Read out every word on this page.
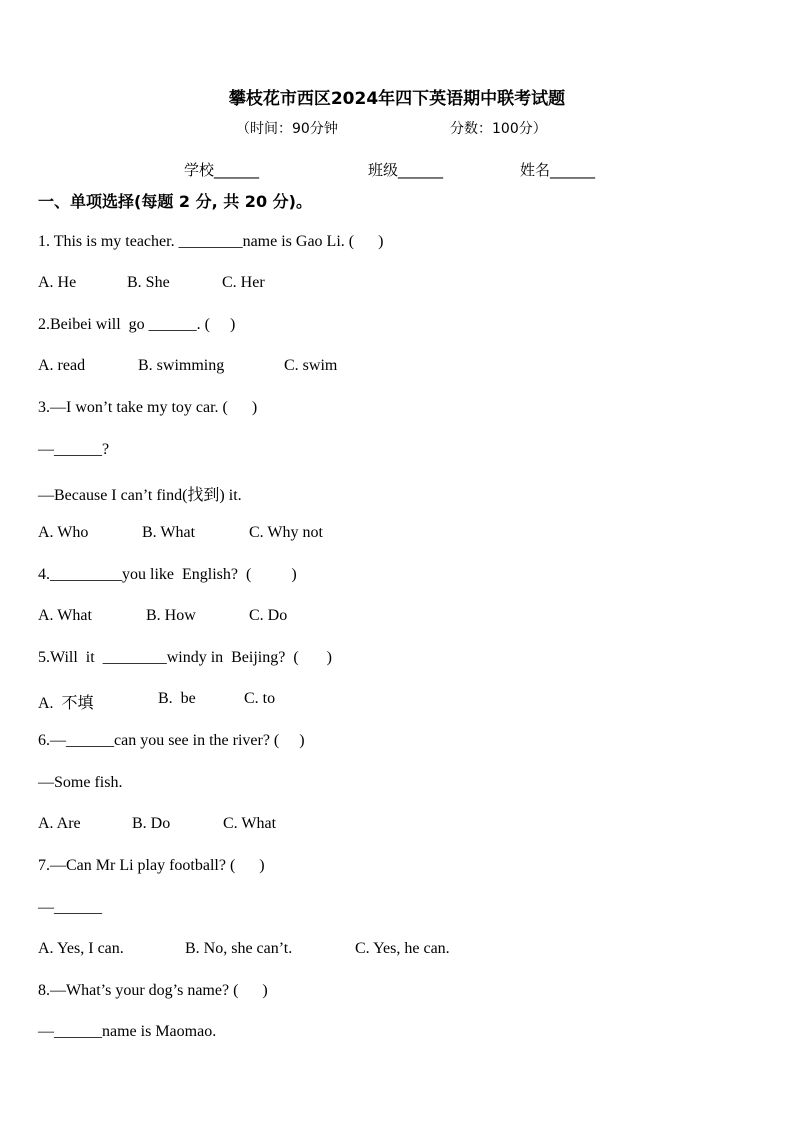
攀枝花市西区2024年四下英语期中联考试题
（时间：90分钟	分数：100分）
学校______	班级______	姓名______
一、单项选择(每题 2 分, 共 20 分)。
1. This is my teacher. ________name is Gao Li. (      )

A. He

	B. She

	C. Her

2.Beibei will  go ______. (     )

A. read

	B. swimming

	C. swim

3.—I won’t take my toy car. (      )
—______?
—Because I can’t find(找到) it.

A. Who

	B. What

	C. Why not

4._________you like  English?  (          )

A. What

	B. How

	C. Do

5.Will  it  ________windy in  Beijing?  (       )

A.  不填

	B.  be

	C. to

6.—______can you see in the river? (     )
—Some fish.

A. Are

	B. Do

	C. What

7.—Can Mr Li play football? (      )
—______

A. Yes, I can.

	B. No, she can’t.

	C. Yes, he can.

8.—What’s your dog’s name? (      )
—______name is Maomao.
